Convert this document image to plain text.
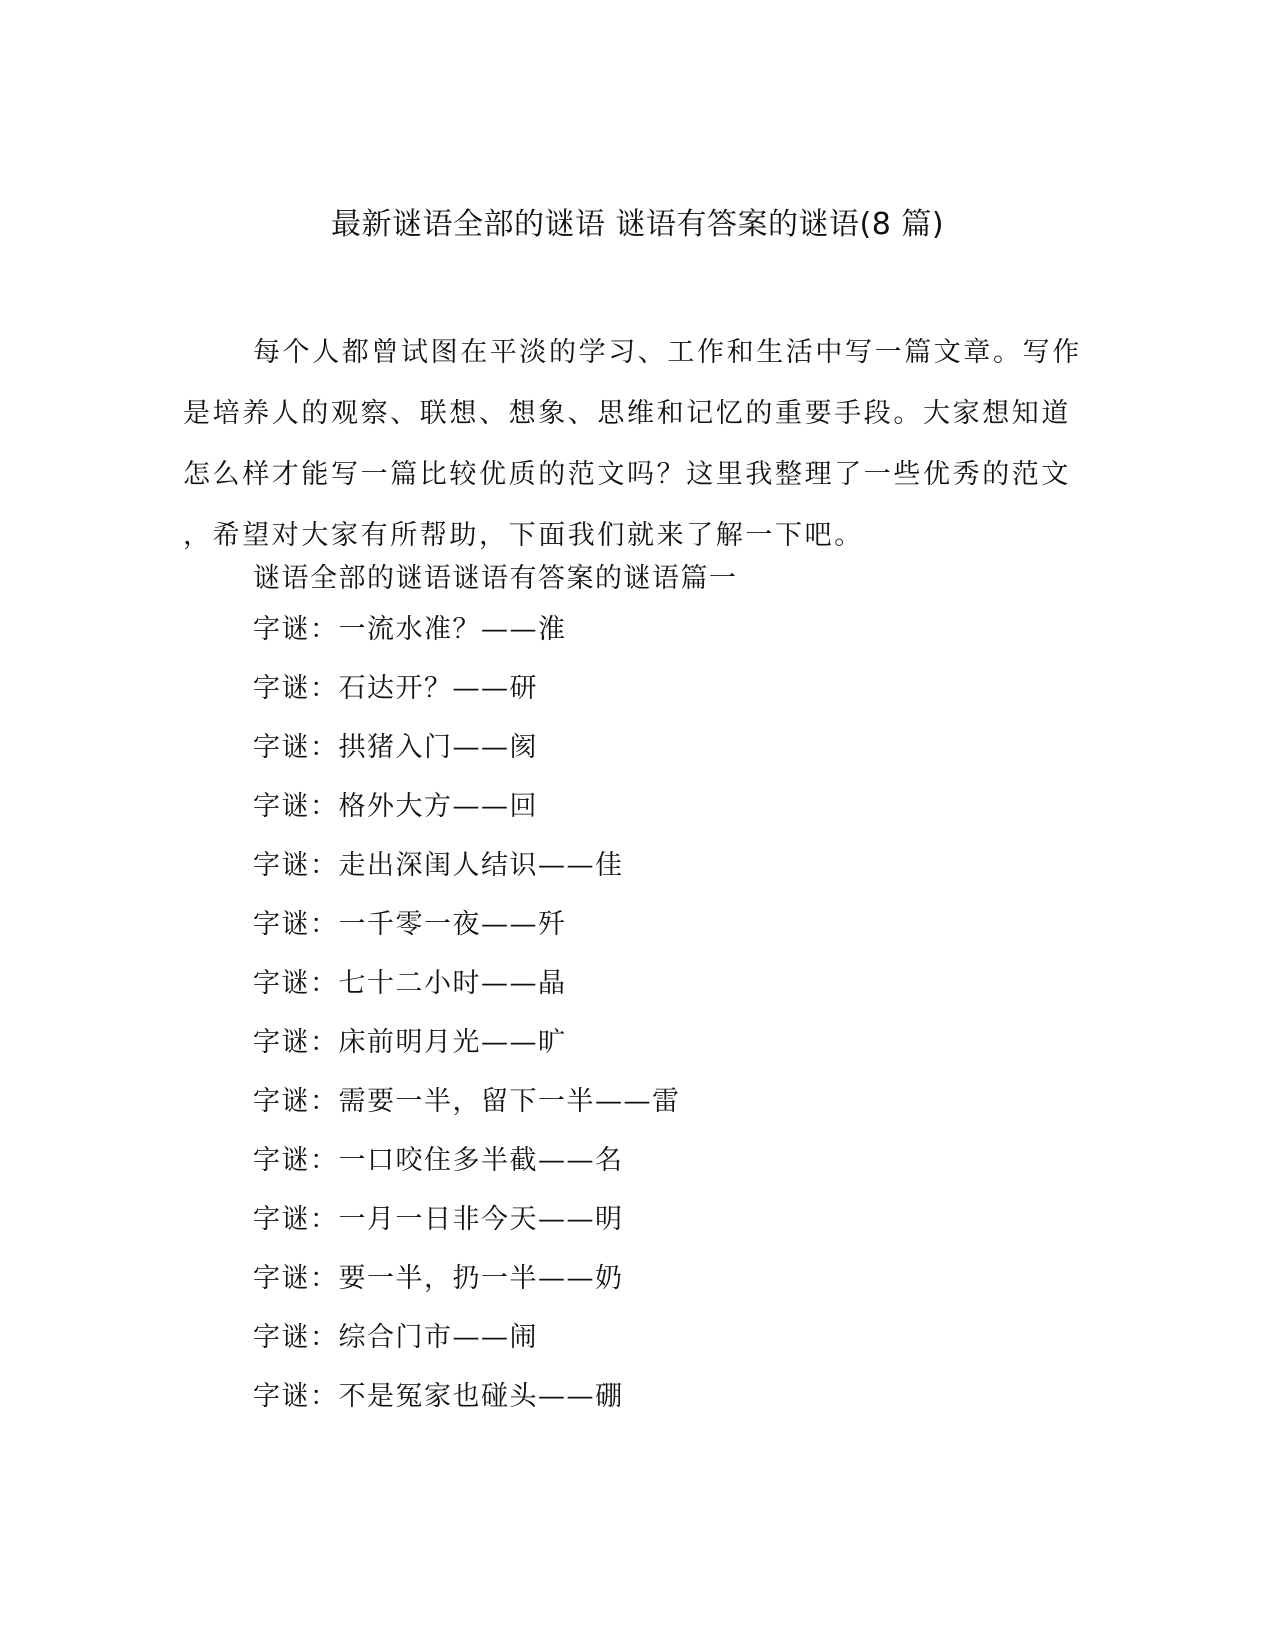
最新谜语全部的谜语 谜语有答案的谜语(8 篇)

每个人都曾试图在平淡的学习、工作和生活中写一篇文章。写作
是培养人的观察、联想、想象、思维和记忆的重要手段。大家想知道
怎么样才能写一篇比较优质的范文吗？这里我整理了一些优秀的范文
，希望对大家有所帮助，下面我们就来了解一下吧。

谜语全部的谜语谜语有答案的谜语篇一

字谜：一流水准？——淮
字谜：石达开？——研
字谜：拱猪入门——阂
字谜：格外大方——回
字谜：走出深闺人结识——佳
字谜：一千零一夜——歼
字谜：七十二小时——晶
字谜：床前明月光——旷
字谜：需要一半，留下一半——雷
字谜：一口咬住多半截——名
字谜：一月一日非今天——明
字谜：要一半，扔一半——奶
字谜：综合门市——闹
字谜：不是冤家也碰头——硼
